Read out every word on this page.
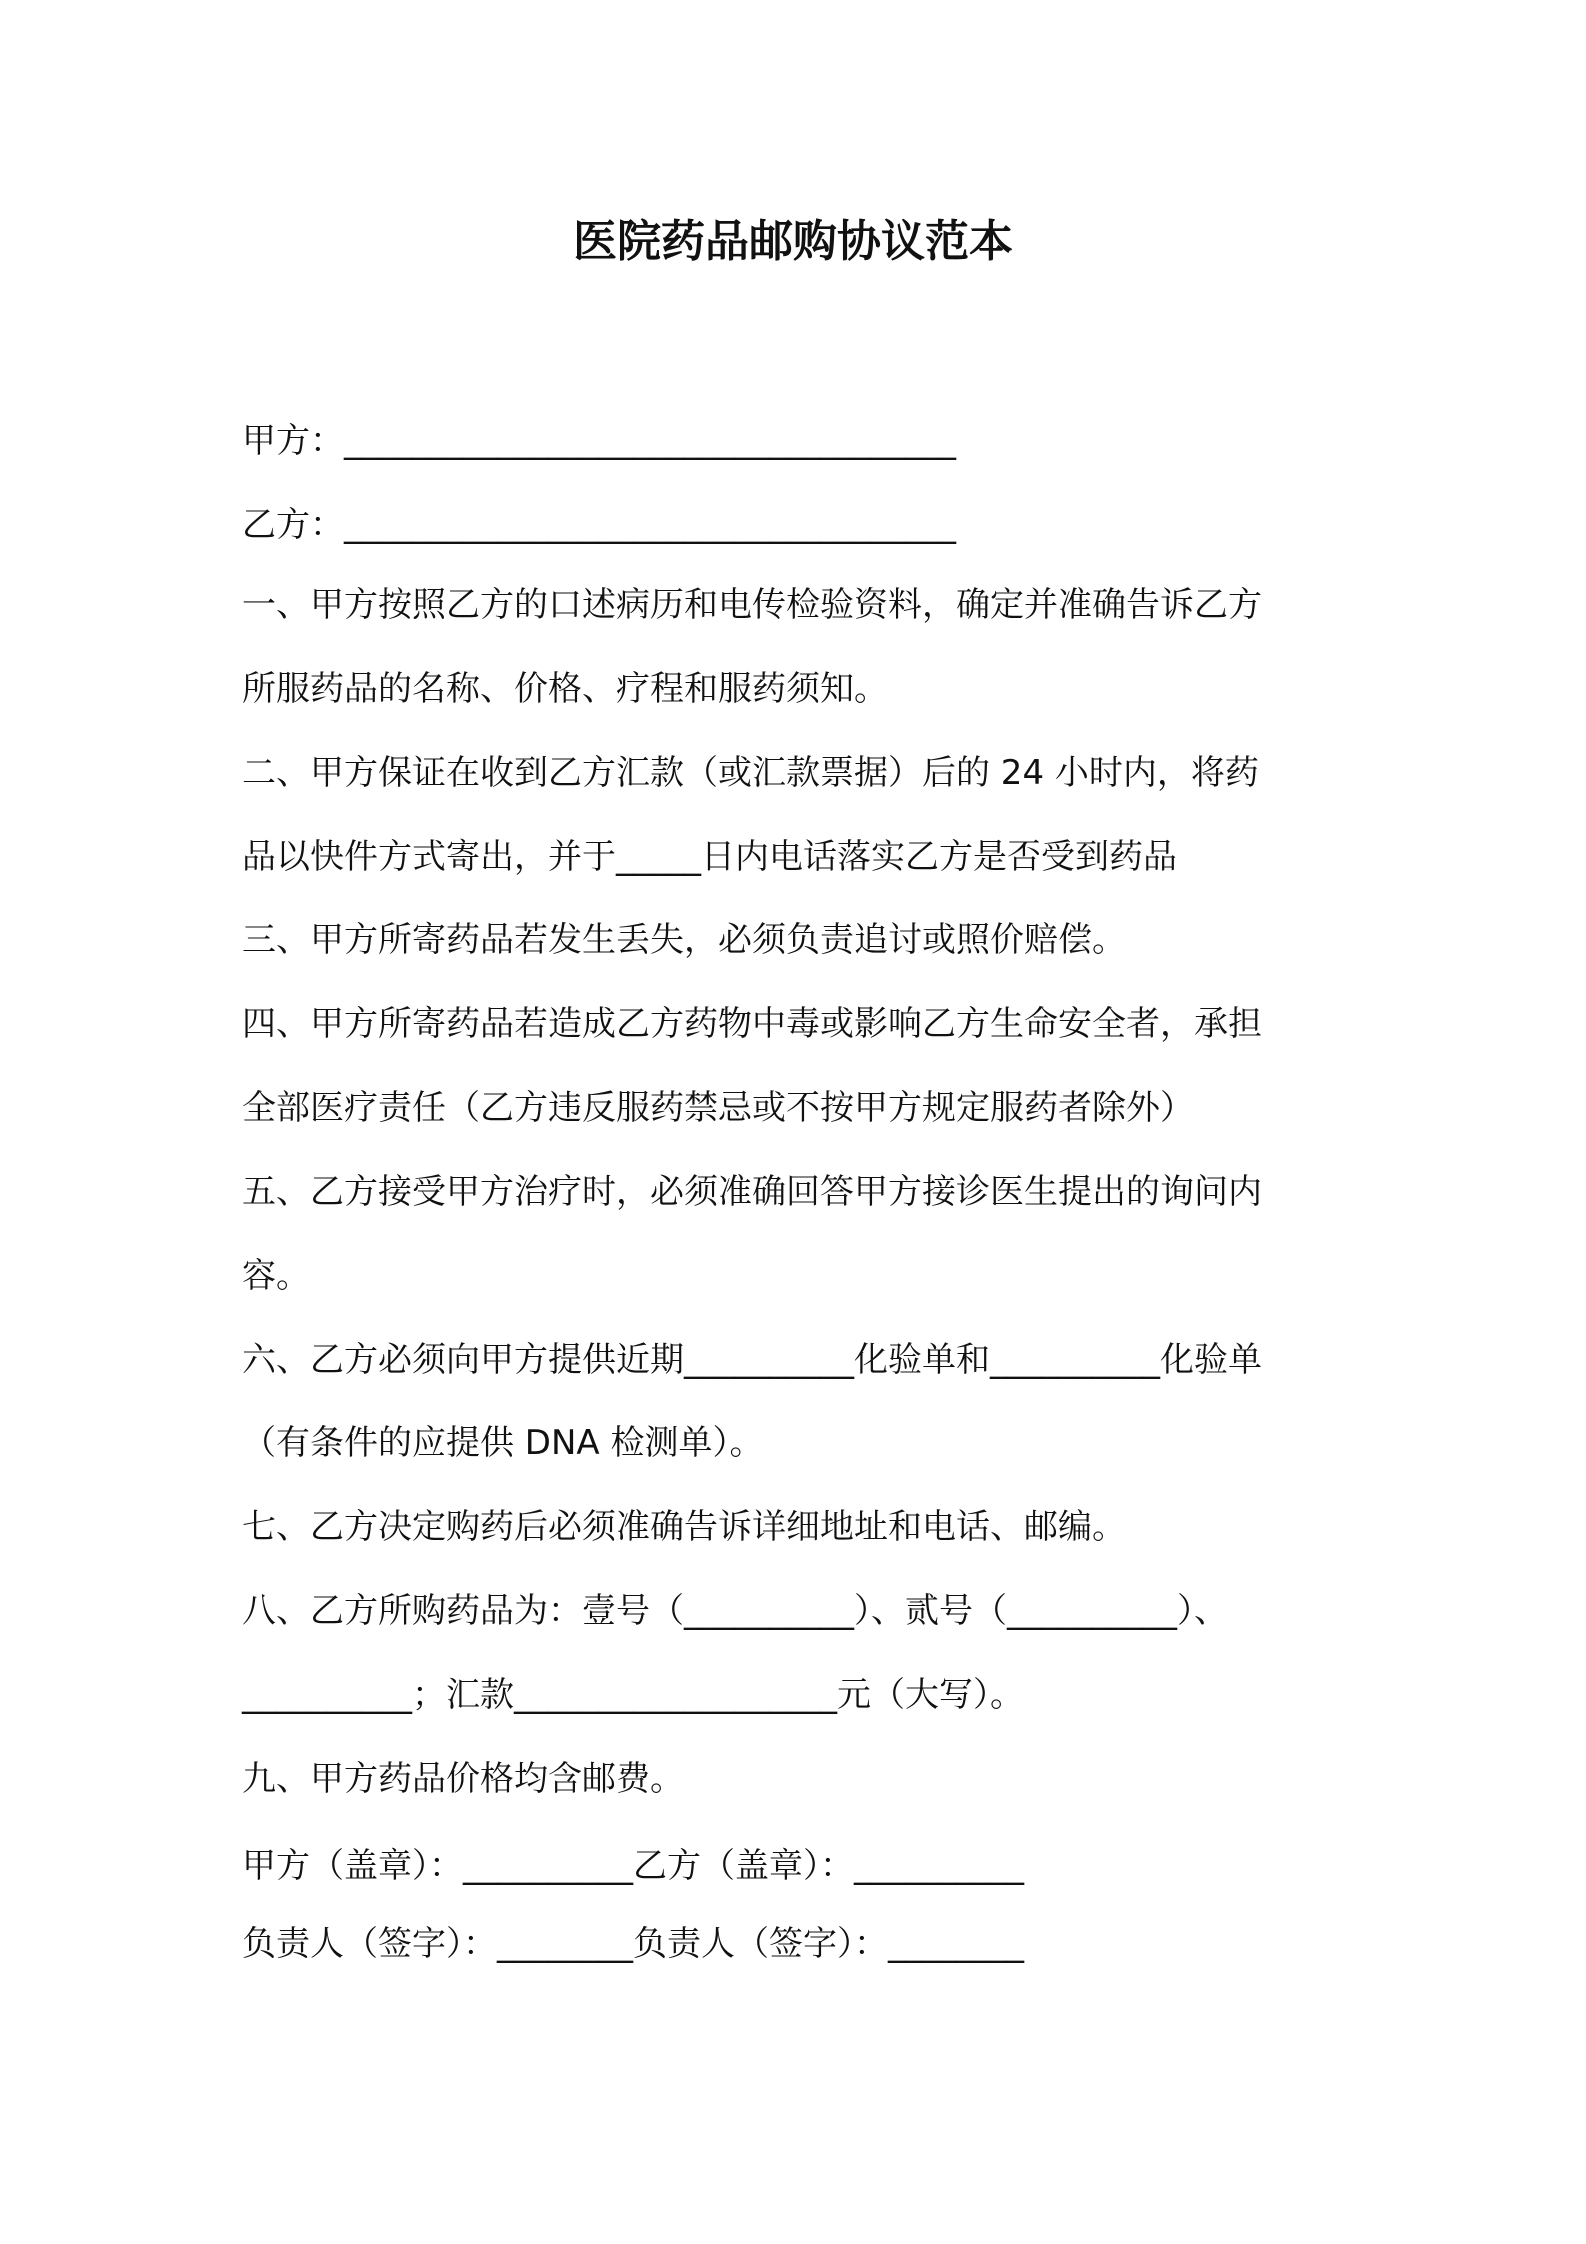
医院药品邮购协议范本
甲方：____________________________________
乙方：____________________________________
一、甲方按照乙方的口述病历和电传检验资料，确定并准确告诉乙方
所服药品的名称、价格、疗程和服药须知。
二、甲方保证在收到乙方汇款（或汇款票据）后的 24 小时内，将药
品以快件方式寄出，并于_____日内电话落实乙方是否受到药品
三、甲方所寄药品若发生丢失，必须负责追讨或照价赔偿。
四、甲方所寄药品若造成乙方药物中毒或影响乙方生命安全者，承担
全部医疗责任（乙方违反服药禁忌或不按甲方规定服药者除外）
五、乙方接受甲方治疗时，必须准确回答甲方接诊医生提出的询问内
容。
六、乙方必须向甲方提供近期__________化验单和__________化验单
（有条件的应提供 DNA 检测单）。
七、乙方决定购药后必须准确告诉详细地址和电话、邮编。
八、乙方所购药品为：壹号（__________）、贰号（__________）、
__________；汇款___________________元（大写）。
九、甲方药品价格均含邮费。
甲方（盖章）：__________乙方（盖章）：__________
负责人（签字）：________负责人（签字）：________
